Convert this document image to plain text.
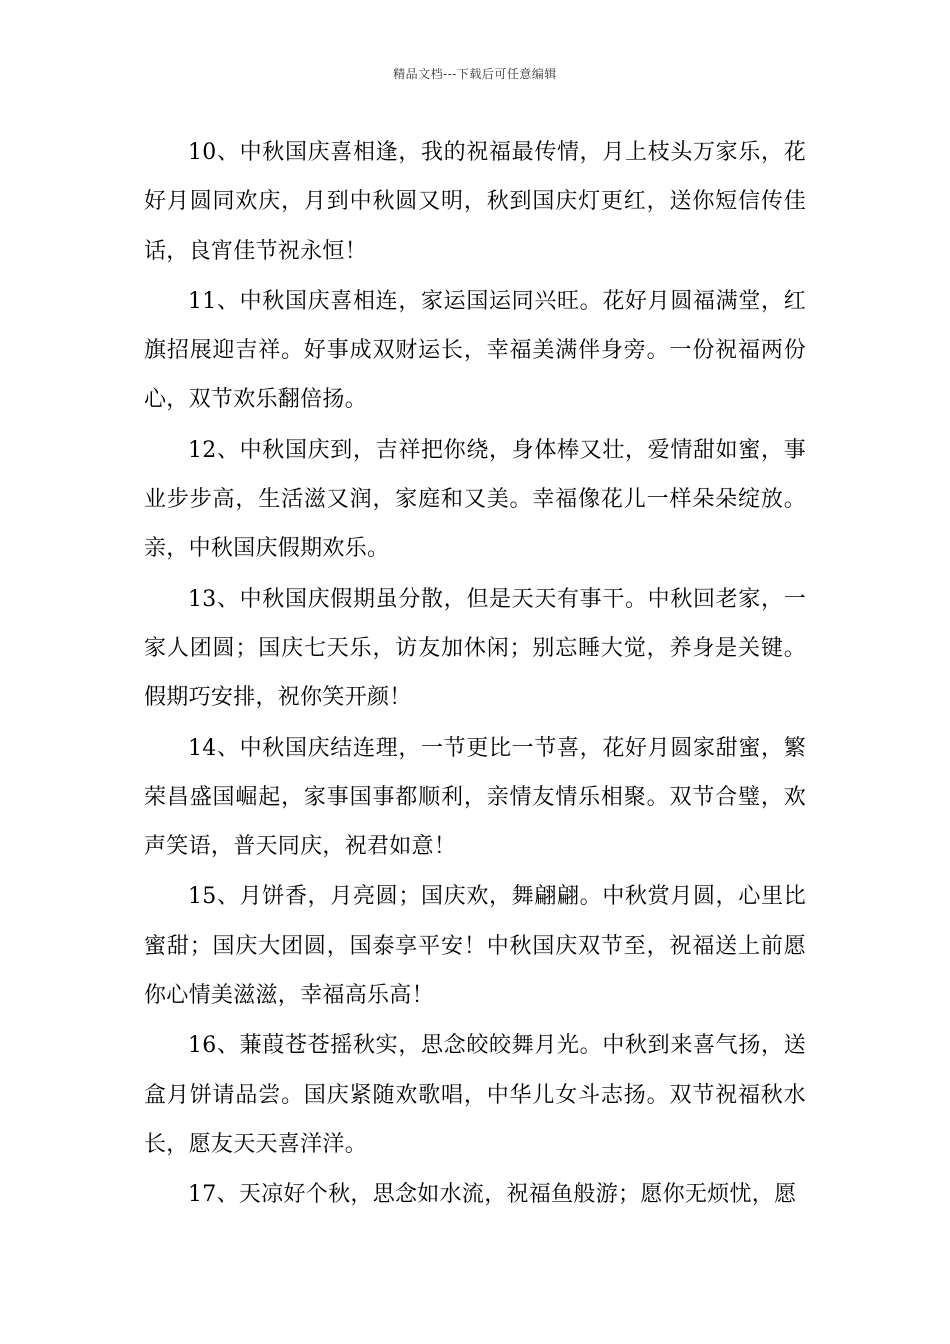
精品文档---下载后可任意编辑

10、中秋国庆喜相逢，我的祝福最传情，月上枝头万家乐，花好月圆同欢庆，月到中秋圆又明，秋到国庆灯更红，送你短信传佳话，良宵佳节祝永恒！

11、中秋国庆喜相连，家运国运同兴旺。花好月圆福满堂，红旗招展迎吉祥。好事成双财运长，幸福美满伴身旁。一份祝福两份心，双节欢乐翻倍扬。

12、中秋国庆到，吉祥把你绕，身体棒又壮，爱情甜如蜜，事业步步高，生活滋又润，家庭和又美。幸福像花儿一样朵朵绽放。亲，中秋国庆假期欢乐。

13、中秋国庆假期虽分散，但是天天有事干。中秋回老家，一家人团圆；国庆七天乐，访友加休闲；别忘睡大觉，养身是关键。假期巧安排，祝你笑开颜！

14、中秋国庆结连理，一节更比一节喜，花好月圆家甜蜜，繁荣昌盛国崛起，家事国事都顺利，亲情友情乐相聚。双节合璧，欢声笑语，普天同庆，祝君如意！

15、月饼香，月亮圆；国庆欢，舞翩翩。中秋赏月圆，心里比蜜甜；国庆大团圆，国泰享平安！中秋国庆双节至，祝福送上前愿你心情美滋滋，幸福高乐高！

16、蒹葭苍苍摇秋实，思念皎皎舞月光。中秋到来喜气扬，送盒月饼请品尝。国庆紧随欢歌唱，中华儿女斗志扬。双节祝福秋水长，愿友天天喜洋洋。

17、天凉好个秋，思念如水流，祝福鱼般游；愿你无烦忧，愿
